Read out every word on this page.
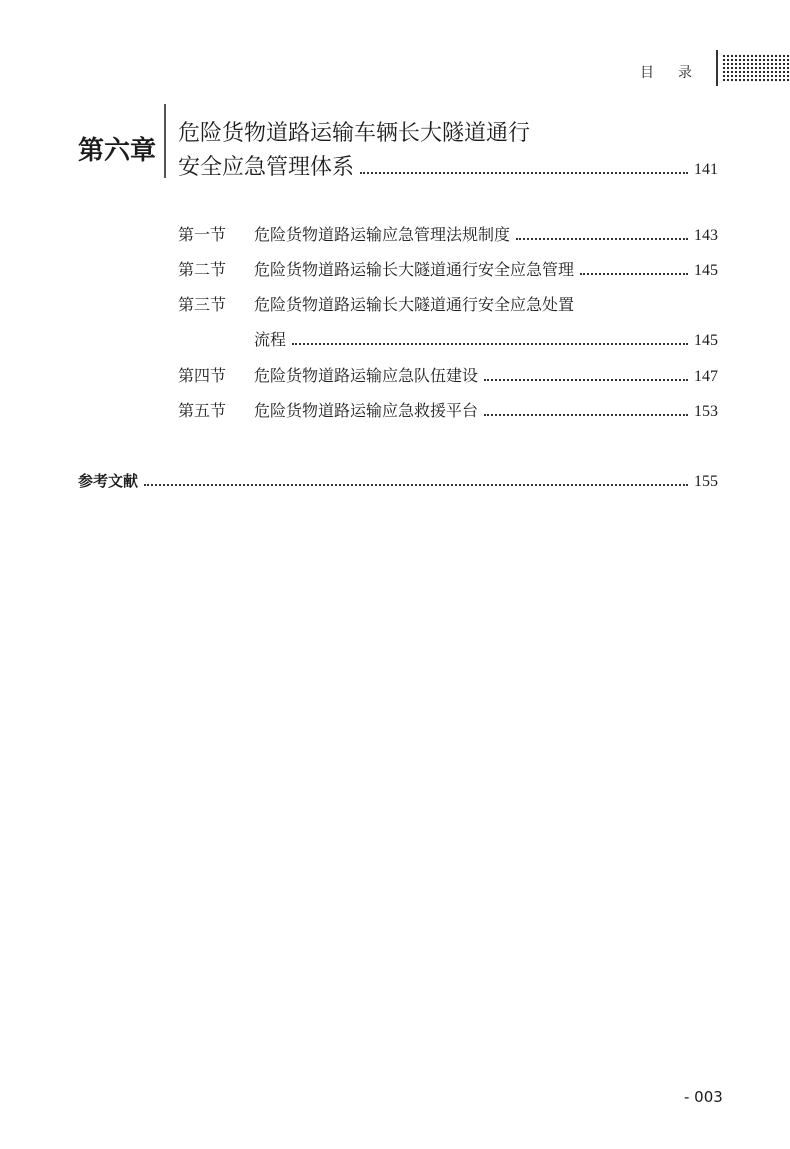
目 录
第六章
危险货物道路运输车辆长大隧道通行
安全应急管理体系	141
第一节	危险货物道路运输应急管理法规制度	143
第二节	危险货物道路运输长大隧道通行安全应急管理	145
第三节	危险货物道路运输长大隧道通行安全应急处置
流程	145
第四节	危险货物道路运输应急队伍建设	147
第五节	危险货物道路运输应急救援平台	153
参考文献	155
- 003
